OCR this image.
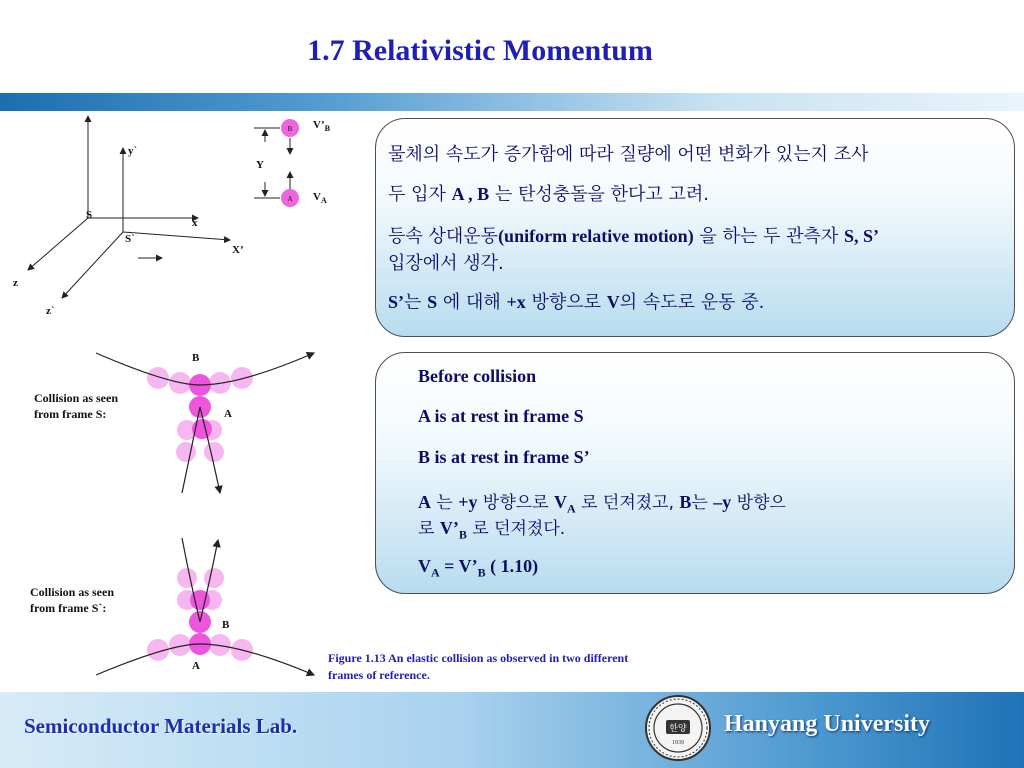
1.7 Relativistic Momentum
y`
S
x
S`
X’
z
z`
Y
$V’_B$
$V_A$
B
A
Collision as seen
from frame S:
B
A
Collision as seen
from frame S`:
B
A
Figure 1.13 An elastic collision as observed in two different
frames of reference.
물체의 속도가 증가함에 따라 질량에 어떤 변화가 있는지 조사
두 입자 A , B 는 탄성충돌을 한다고 고려.
등속 상대운동(uniform relative motion) 을 하는 두 관측자 S, S’
입장에서 생각.
S’는 S 에 대해 +x 방향으로 V의 속도로 운동 중.
Before collision
A is at rest in frame S
B is at rest in frame S’
A 는 +y 방향으로 $V_A$ 로 던져졌고, B는 –y 방향으
로 $V’_B$ 로 던져졌다.
$V_A$ = $V’_B$ ( 1.10)
Semiconductor Materials Lab.	한양
1939
Hanyang University
